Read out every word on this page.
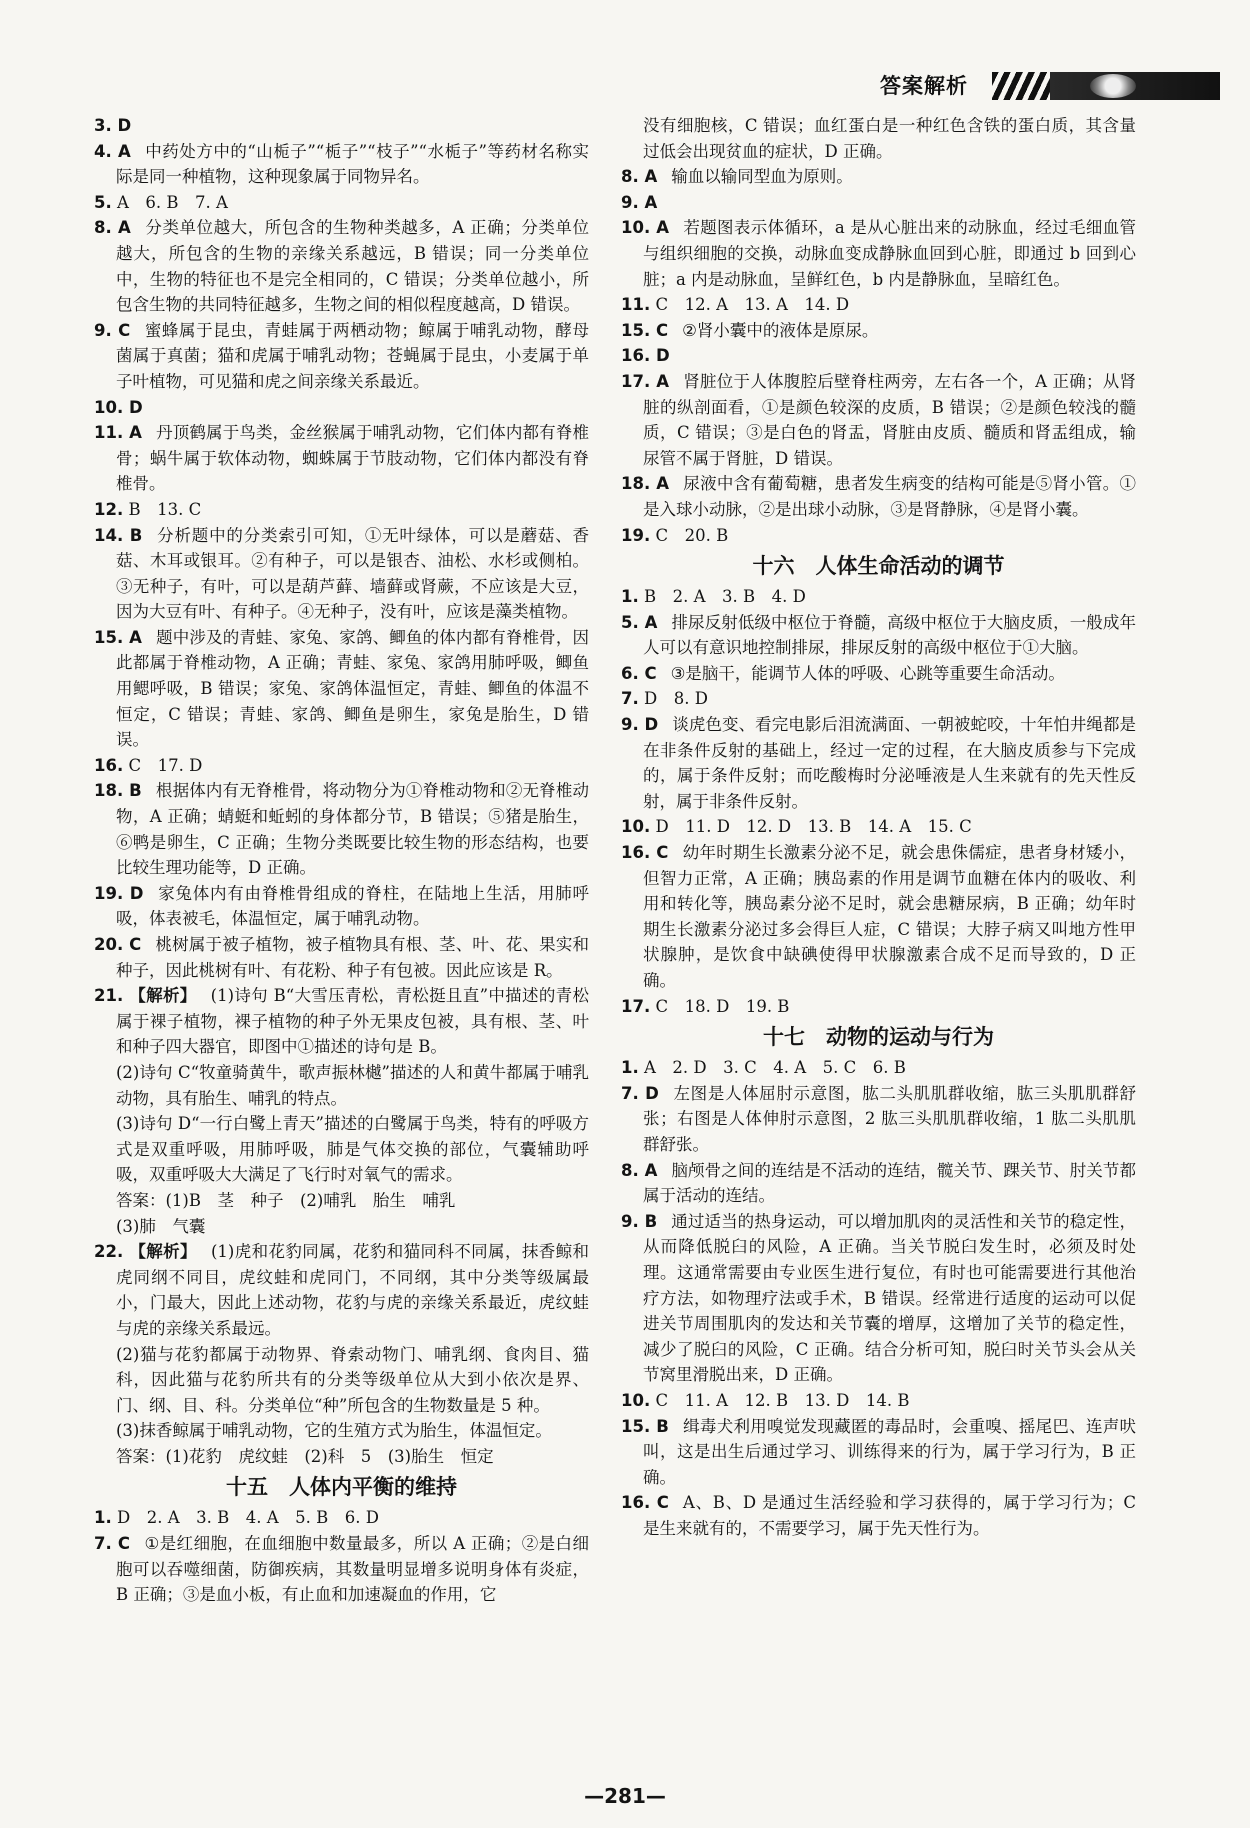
答案解析

3. D

4. A 中药处方中的“山栀子”“栀子”“枝子”“水栀子”等药材名称实际是同一种植物，这种现象属于同物异名。

5. A　6. B　7. A

8. A 分类单位越大，所包含的生物种类越多，A 正确；分类单位越大，所包含的生物的亲缘关系越远，B 错误；同一分类单位中，生物的特征也不是完全相同的，C 错误；分类单位越小，所包含生物的共同特征越多，生物之间的相似程度越高，D 错误。

9. C 蜜蜂属于昆虫，青蛙属于两栖动物；鲸属于哺乳动物，酵母菌属于真菌；猫和虎属于哺乳动物；苍蝇属于昆虫，小麦属于单子叶植物，可见猫和虎之间亲缘关系最近。

10. D

11. A 丹顶鹤属于鸟类，金丝猴属于哺乳动物，它们体内都有脊椎骨；蜗牛属于软体动物，蜘蛛属于节肢动物，它们体内都没有脊椎骨。

12. B　13. C

14. B 分析题中的分类索引可知，①无叶绿体，可以是蘑菇、香菇、木耳或银耳。②有种子，可以是银杏、油松、水杉或侧柏。③无种子，有叶，可以是葫芦藓、墙藓或肾蕨，不应该是大豆，因为大豆有叶、有种子。④无种子，没有叶，应该是藻类植物。

15. A 题中涉及的青蛙、家兔、家鸽、鲫鱼的体内都有脊椎骨，因此都属于脊椎动物，A 正确；青蛙、家兔、家鸽用肺呼吸，鲫鱼用鳃呼吸，B 错误；家兔、家鸽体温恒定，青蛙、鲫鱼的体温不恒定，C 错误；青蛙、家鸽、鲫鱼是卵生，家兔是胎生，D 错误。

16. C　17. D

18. B 根据体内有无脊椎骨，将动物分为①脊椎动物和②无脊椎动物，A 正确；蜻蜓和蚯蚓的身体都分节，B 错误；⑤猪是胎生，⑥鸭是卵生，C 正确；生物分类既要比较生物的形态结构，也要比较生理功能等，D 正确。

19. D 家兔体内有由脊椎骨组成的脊柱，在陆地上生活，用肺呼吸，体表被毛，体温恒定，属于哺乳动物。

20. C 桃树属于被子植物，被子植物具有根、茎、叶、花、果实和种子，因此桃树有叶、有花粉、种子有包被。因此应该是 R。

21. 【解析】 (1)诗句 B“大雪压青松，青松挺且直”中描述的青松属于裸子植物，裸子植物的种子外无果皮包被，具有根、茎、叶和种子四大器官，即图中①描述的诗句是 B。

(2)诗句 C“牧童骑黄牛，歌声振林樾”描述的人和黄牛都属于哺乳动物，具有胎生、哺乳的特点。

(3)诗句 D“一行白鹭上青天”描述的白鹭属于鸟类，特有的呼吸方式是双重呼吸，用肺呼吸，肺是气体交换的部位，气囊辅助呼吸，双重呼吸大大满足了飞行时对氧气的需求。

答案：(1)B　茎　种子　(2)哺乳　胎生　哺乳

(3)肺　气囊

22. 【解析】 (1)虎和花豹同属，花豹和猫同科不同属，抹香鲸和虎同纲不同目，虎纹蛙和虎同门，不同纲，其中分类等级属最小，门最大，因此上述动物，花豹与虎的亲缘关系最近，虎纹蛙与虎的亲缘关系最远。

(2)猫与花豹都属于动物界、脊索动物门、哺乳纲、食肉目、猫科，因此猫与花豹所共有的分类等级单位从大到小依次是界、门、纲、目、科。分类单位“种”所包含的生物数量是 5 种。

(3)抹香鲸属于哺乳动物，它的生殖方式为胎生，体温恒定。

答案：(1)花豹　虎纹蛙　(2)科　5　(3)胎生　恒定

十五　人体内平衡的维持

1. D　2. A　3. B　4. A　5. B　6. D

7. C ①是红细胞，在血细胞中数量最多，所以 A 正确；②是白细胞可以吞噬细菌，防御疾病，其数量明显增多说明身体有炎症，B 正确；③是血小板，有止血和加速凝血的作用，它

没有细胞核，C 错误；血红蛋白是一种红色含铁的蛋白质，其含量过低会出现贫血的症状，D 正确。

8. A 输血以输同型血为原则。

9. A

10. A 若题图表示体循环，a 是从心脏出来的动脉血，经过毛细血管与组织细胞的交换，动脉血变成静脉血回到心脏，即通过 b 回到心脏；a 内是动脉血，呈鲜红色，b 内是静脉血，呈暗红色。

11. C　12. A　13. A　14. D

15. C ②肾小囊中的液体是原尿。

16. D

17. A 肾脏位于人体腹腔后壁脊柱两旁，左右各一个，A 正确；从肾脏的纵剖面看，①是颜色较深的皮质，B 错误；②是颜色较浅的髓质，C 错误；③是白色的肾盂，肾脏由皮质、髓质和肾盂组成，输尿管不属于肾脏，D 错误。

18. A 尿液中含有葡萄糖，患者发生病变的结构可能是⑤肾小管。①是入球小动脉，②是出球小动脉，③是肾静脉，④是肾小囊。

19. C　20. B

十六　人体生命活动的调节

1. B　2. A　3. B　4. D

5. A 排尿反射低级中枢位于脊髓，高级中枢位于大脑皮质，一般成年人可以有意识地控制排尿，排尿反射的高级中枢位于①大脑。

6. C ③是脑干，能调节人体的呼吸、心跳等重要生命活动。

7. D　8. D

9. D 谈虎色变、看完电影后泪流满面、一朝被蛇咬，十年怕井绳都是在非条件反射的基础上，经过一定的过程，在大脑皮质参与下完成的，属于条件反射；而吃酸梅时分泌唾液是人生来就有的先天性反射，属于非条件反射。

10. D　11. D　12. D　13. B　14. A　15. C

16. C 幼年时期生长激素分泌不足，就会患侏儒症，患者身材矮小，但智力正常，A 正确；胰岛素的作用是调节血糖在体内的吸收、利用和转化等，胰岛素分泌不足时，就会患糖尿病，B 正确；幼年时期生长激素分泌过多会得巨人症，C 错误；大脖子病又叫地方性甲状腺肿，是饮食中缺碘使得甲状腺激素合成不足而导致的，D 正确。

17. C　18. D　19. B

十七　动物的运动与行为

1. A　2. D　3. C　4. A　5. C　6. B

7. D 左图是人体屈肘示意图，肱二头肌肌群收缩，肱三头肌肌群舒张；右图是人体伸肘示意图，2 肱三头肌肌群收缩，1 肱二头肌肌群舒张。

8. A 脑颅骨之间的连结是不活动的连结，髋关节、踝关节、肘关节都属于活动的连结。

9. B 通过适当的热身运动，可以增加肌肉的灵活性和关节的稳定性，从而降低脱臼的风险，A 正确。当关节脱臼发生时，必须及时处理。这通常需要由专业医生进行复位，有时也可能需要进行其他治疗方法，如物理疗法或手术，B 错误。经常进行适度的运动可以促进关节周围肌肉的发达和关节囊的增厚，这增加了关节的稳定性，减少了脱臼的风险，C 正确。结合分析可知，脱臼时关节头会从关节窝里滑脱出来，D 正确。

10. C　11. A　12. B　13. D　14. B

15. B 缉毒犬利用嗅觉发现藏匿的毒品时，会重嗅、摇尾巴、连声吠叫，这是出生后通过学习、训练得来的行为，属于学习行为，B 正确。

16. C A、B、D 是通过生活经验和学习获得的，属于学习行为；C 是生来就有的，不需要学习，属于先天性行为。

—281—
